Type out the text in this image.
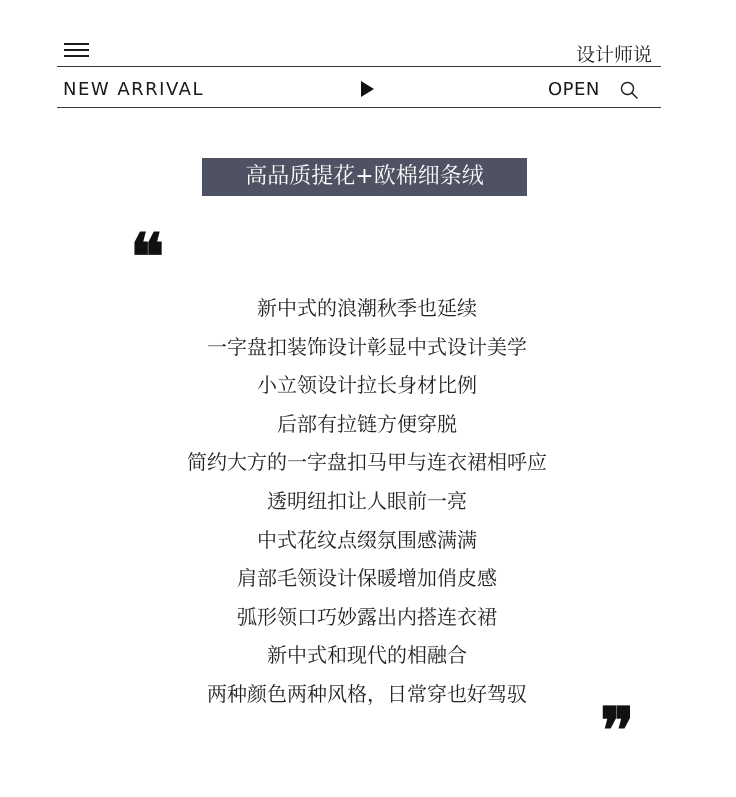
设计师说
NEW ARRIVAL	OPEN
高品质提花+欧棉细条绒
❝
新中式的浪潮秋季也延续
一字盘扣装饰设计彰显中式设计美学
小立领设计拉长身材比例
后部有拉链方便穿脱
简约大方的一字盘扣马甲与连衣裙相呼应
透明纽扣让人眼前一亮
中式花纹点缀氛围感满满
肩部毛领设计保暖增加俏皮感
弧形领口巧妙露出内搭连衣裙
新中式和现代的相融合
两种颜色两种风格，日常穿也好驾驭
❞
